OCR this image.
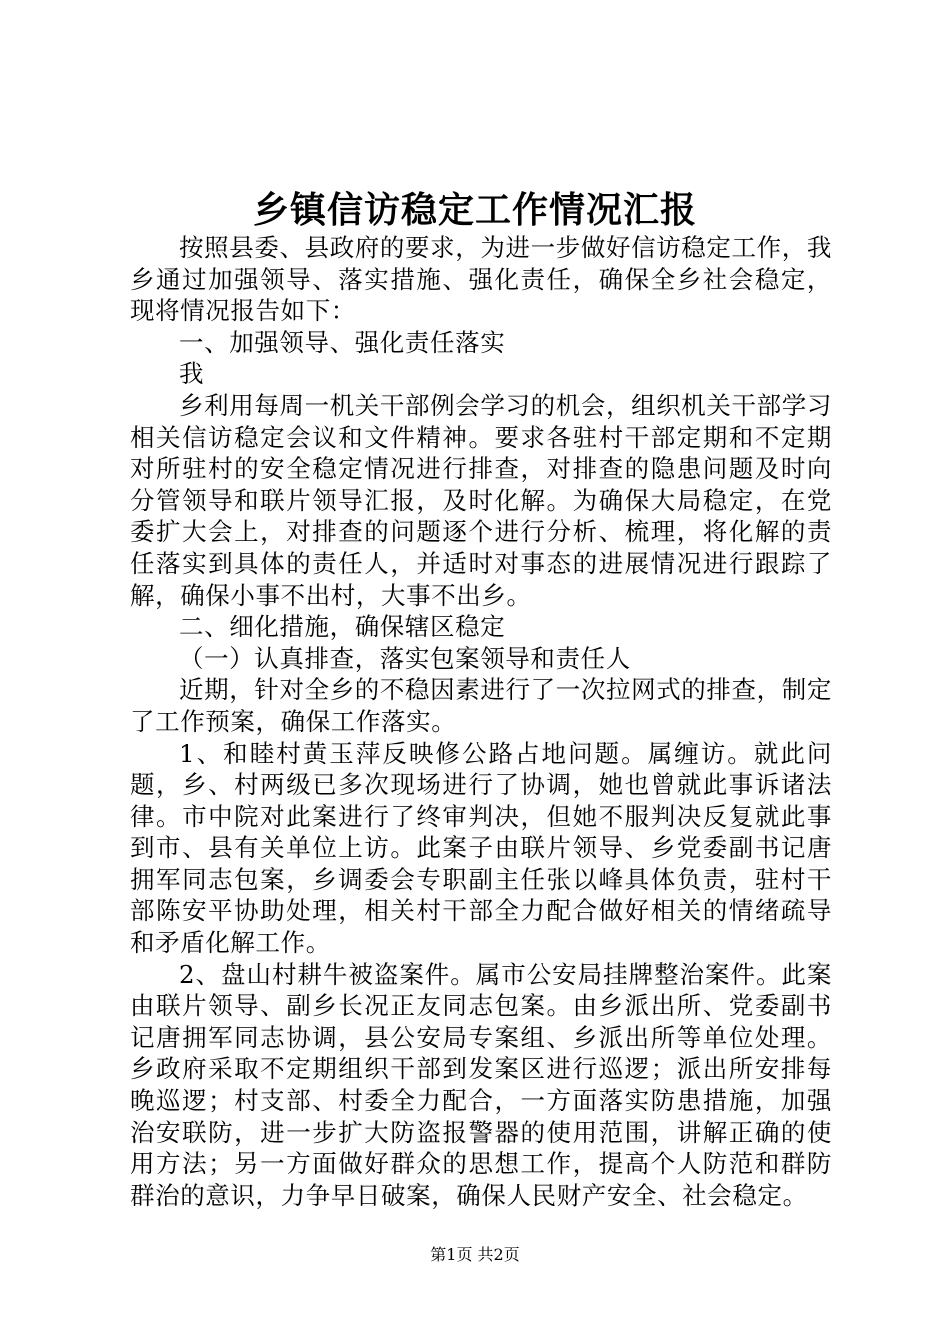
乡镇信访稳定工作情况汇报

按照县委、县政府的要求，为进一步做好信访稳定工作，我乡通过加强领导、落实措施、强化责任，确保全乡社会稳定，现将情况报告如下：

一、加强领导、强化责任落实

我

乡利用每周一机关干部例会学习的机会，组织机关干部学习相关信访稳定会议和文件精神。要求各驻村干部定期和不定期对所驻村的安全稳定情况进行排查，对排查的隐患问题及时向分管领导和联片领导汇报，及时化解。为确保大局稳定，在党委扩大会上，对排查的问题逐个进行分析、梳理，将化解的责任落实到具体的责任人，并适时对事态的进展情况进行跟踪了解，确保小事不出村，大事不出乡。

二、细化措施，确保辖区稳定

（一）认真排查，落实包案领导和责任人

近期，针对全乡的不稳因素进行了一次拉网式的排查，制定了工作预案，确保工作落实。

1、和睦村黄玉萍反映修公路占地问题。属缠访。就此问题，乡、村两级已多次现场进行了协调，她也曾就此事诉诸法律。市中院对此案进行了终审判决，但她不服判决反复就此事到市、县有关单位上访。此案子由联片领导、乡党委副书记唐拥军同志包案，乡调委会专职副主任张以峰具体负责，驻村干部陈安平协助处理，相关村干部全力配合做好相关的情绪疏导和矛盾化解工作。

2、盘山村耕牛被盗案件。属市公安局挂牌整治案件。此案由联片领导、副乡长况正友同志包案。由乡派出所、党委副书记唐拥军同志协调，县公安局专案组、乡派出所等单位处理。乡政府采取不定期组织干部到发案区进行巡逻；派出所安排每晚巡逻；村支部、村委全力配合，一方面落实防患措施，加强治安联防，进一步扩大防盗报警器的使用范围，讲解正确的使用方法；另一方面做好群众的思想工作，提高个人防范和群防群治的意识，力争早日破案，确保人民财产安全、社会稳定。

第1页 共2页
